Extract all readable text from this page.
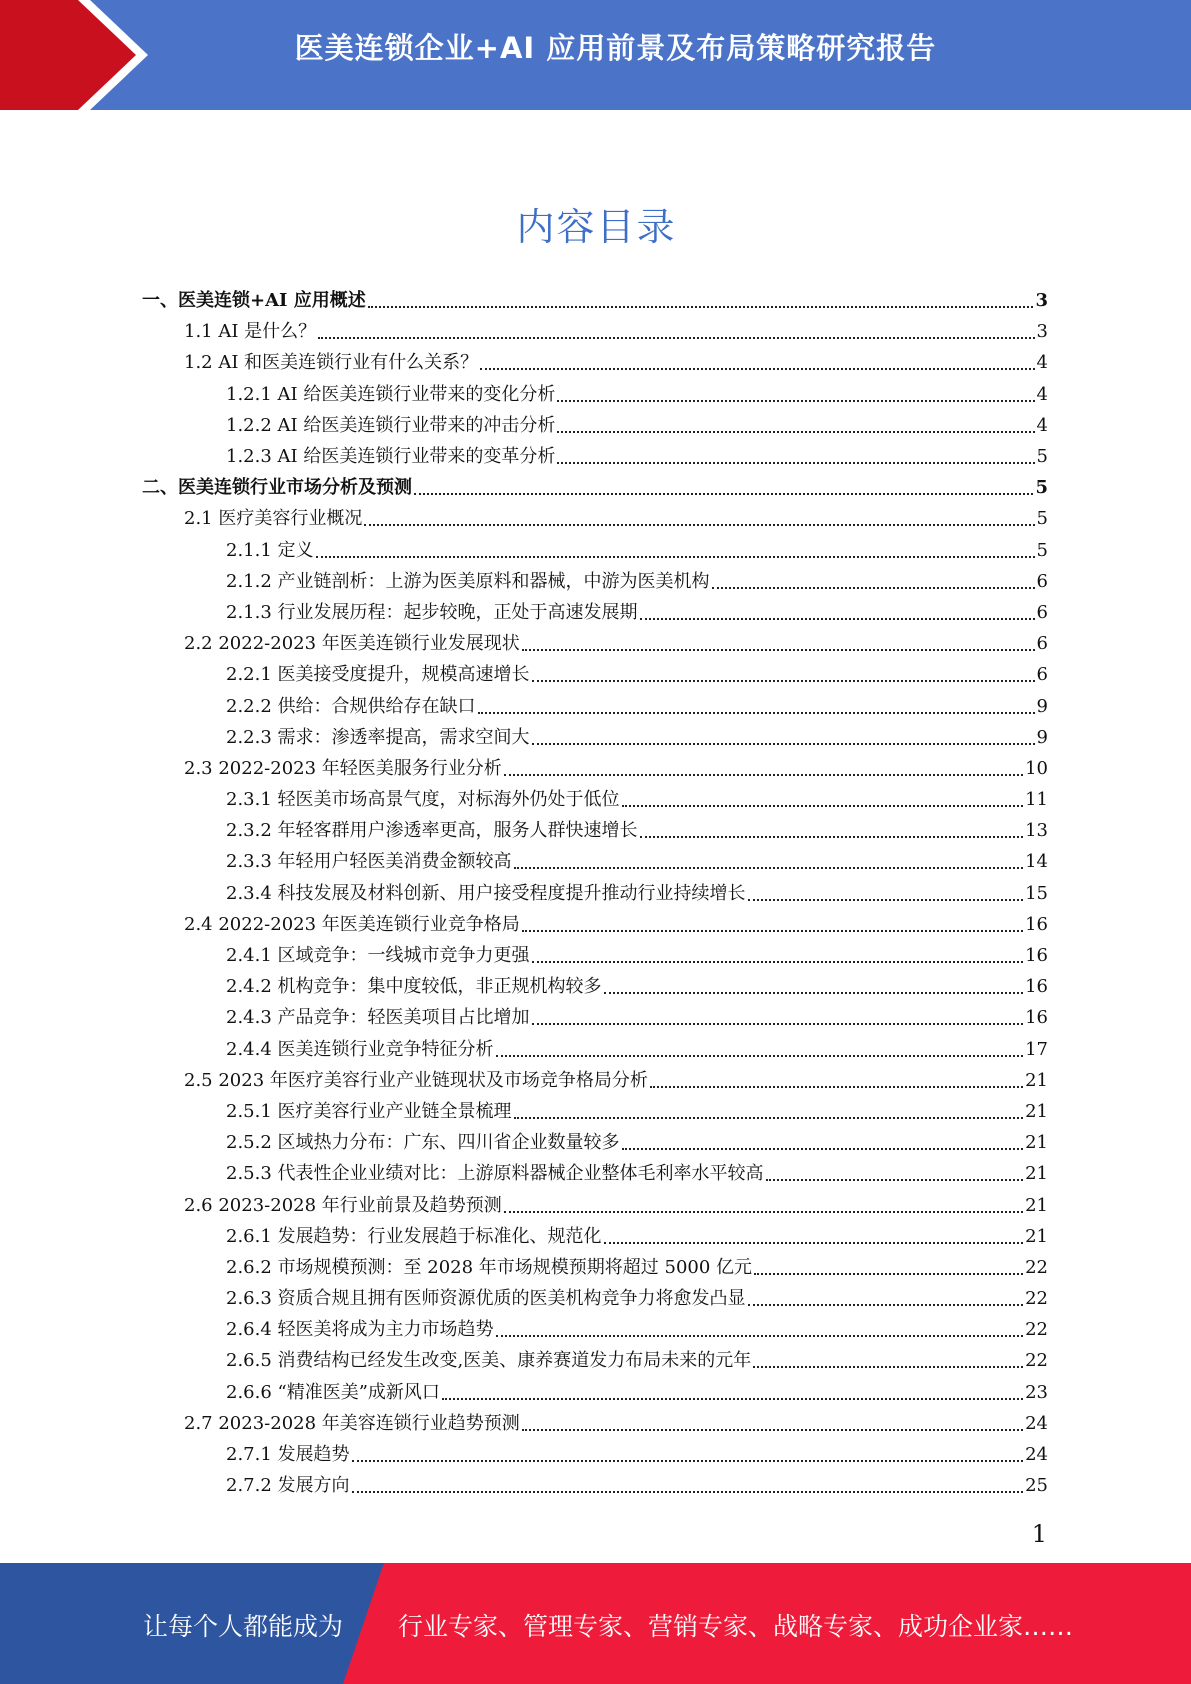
医美连锁企业+AI 应用前景及布局策略研究报告
内容目录
一、医美连锁+AI 应用概述	3
1.1 AI 是什么？	3
1.2 AI 和医美连锁行业有什么关系？	4
1.2.1 AI 给医美连锁行业带来的变化分析	4
1.2.2 AI 给医美连锁行业带来的冲击分析	4
1.2.3 AI 给医美连锁行业带来的变革分析	5
二、医美连锁行业市场分析及预测	5
2.1 医疗美容行业概况	5
2.1.1 定义	5
2.1.2 产业链剖析：上游为医美原料和器械，中游为医美机构	6
2.1.3 行业发展历程：起步较晚，正处于高速发展期	6
2.2 2022-2023 年医美连锁行业发展现状	6
2.2.1 医美接受度提升，规模高速增长	6
2.2.2 供给：合规供给存在缺口	9
2.2.3 需求：渗透率提高，需求空间大	9
2.3 2022-2023 年轻医美服务行业分析	10
2.3.1 轻医美市场高景气度，对标海外仍处于低位	11
2.3.2 年轻客群用户渗透率更高，服务人群快速增长	13
2.3.3 年轻用户轻医美消费金额较高	14
2.3.4 科技发展及材料创新、用户接受程度提升推动行业持续增长	15
2.4 2022-2023 年医美连锁行业竞争格局	16
2.4.1 区域竞争：一线城市竞争力更强	16
2.4.2 机构竞争：集中度较低，非正规机构较多	16
2.4.3 产品竞争：轻医美项目占比增加	16
2.4.4 医美连锁行业竞争特征分析	17
2.5 2023 年医疗美容行业产业链现状及市场竞争格局分析	21
2.5.1 医疗美容行业产业链全景梳理	21
2.5.2 区域热力分布：广东、四川省企业数量较多	21
2.5.3 代表性企业业绩对比：上游原料器械企业整体毛利率水平较高	21
2.6 2023-2028 年行业前景及趋势预测	21
2.6.1 发展趋势：行业发展趋于标准化、规范化	21
2.6.2 市场规模预测：至 2028 年市场规模预期将超过 5000 亿元	22
2.6.3 资质合规且拥有医师资源优质的医美机构竞争力将愈发凸显	22
2.6.4 轻医美将成为主力市场趋势	22
2.6.5 消费结构已经发生改变,医美、康养赛道发力布局未来的元年	22
2.6.6 “精准医美”成新风口	23
2.7 2023-2028 年美容连锁行业趋势预测	24
2.7.1 发展趋势	24
2.7.2 发展方向	25
1
让每个人都能成为 行业专家、管理专家、营销专家、战略专家、成功企业家……
